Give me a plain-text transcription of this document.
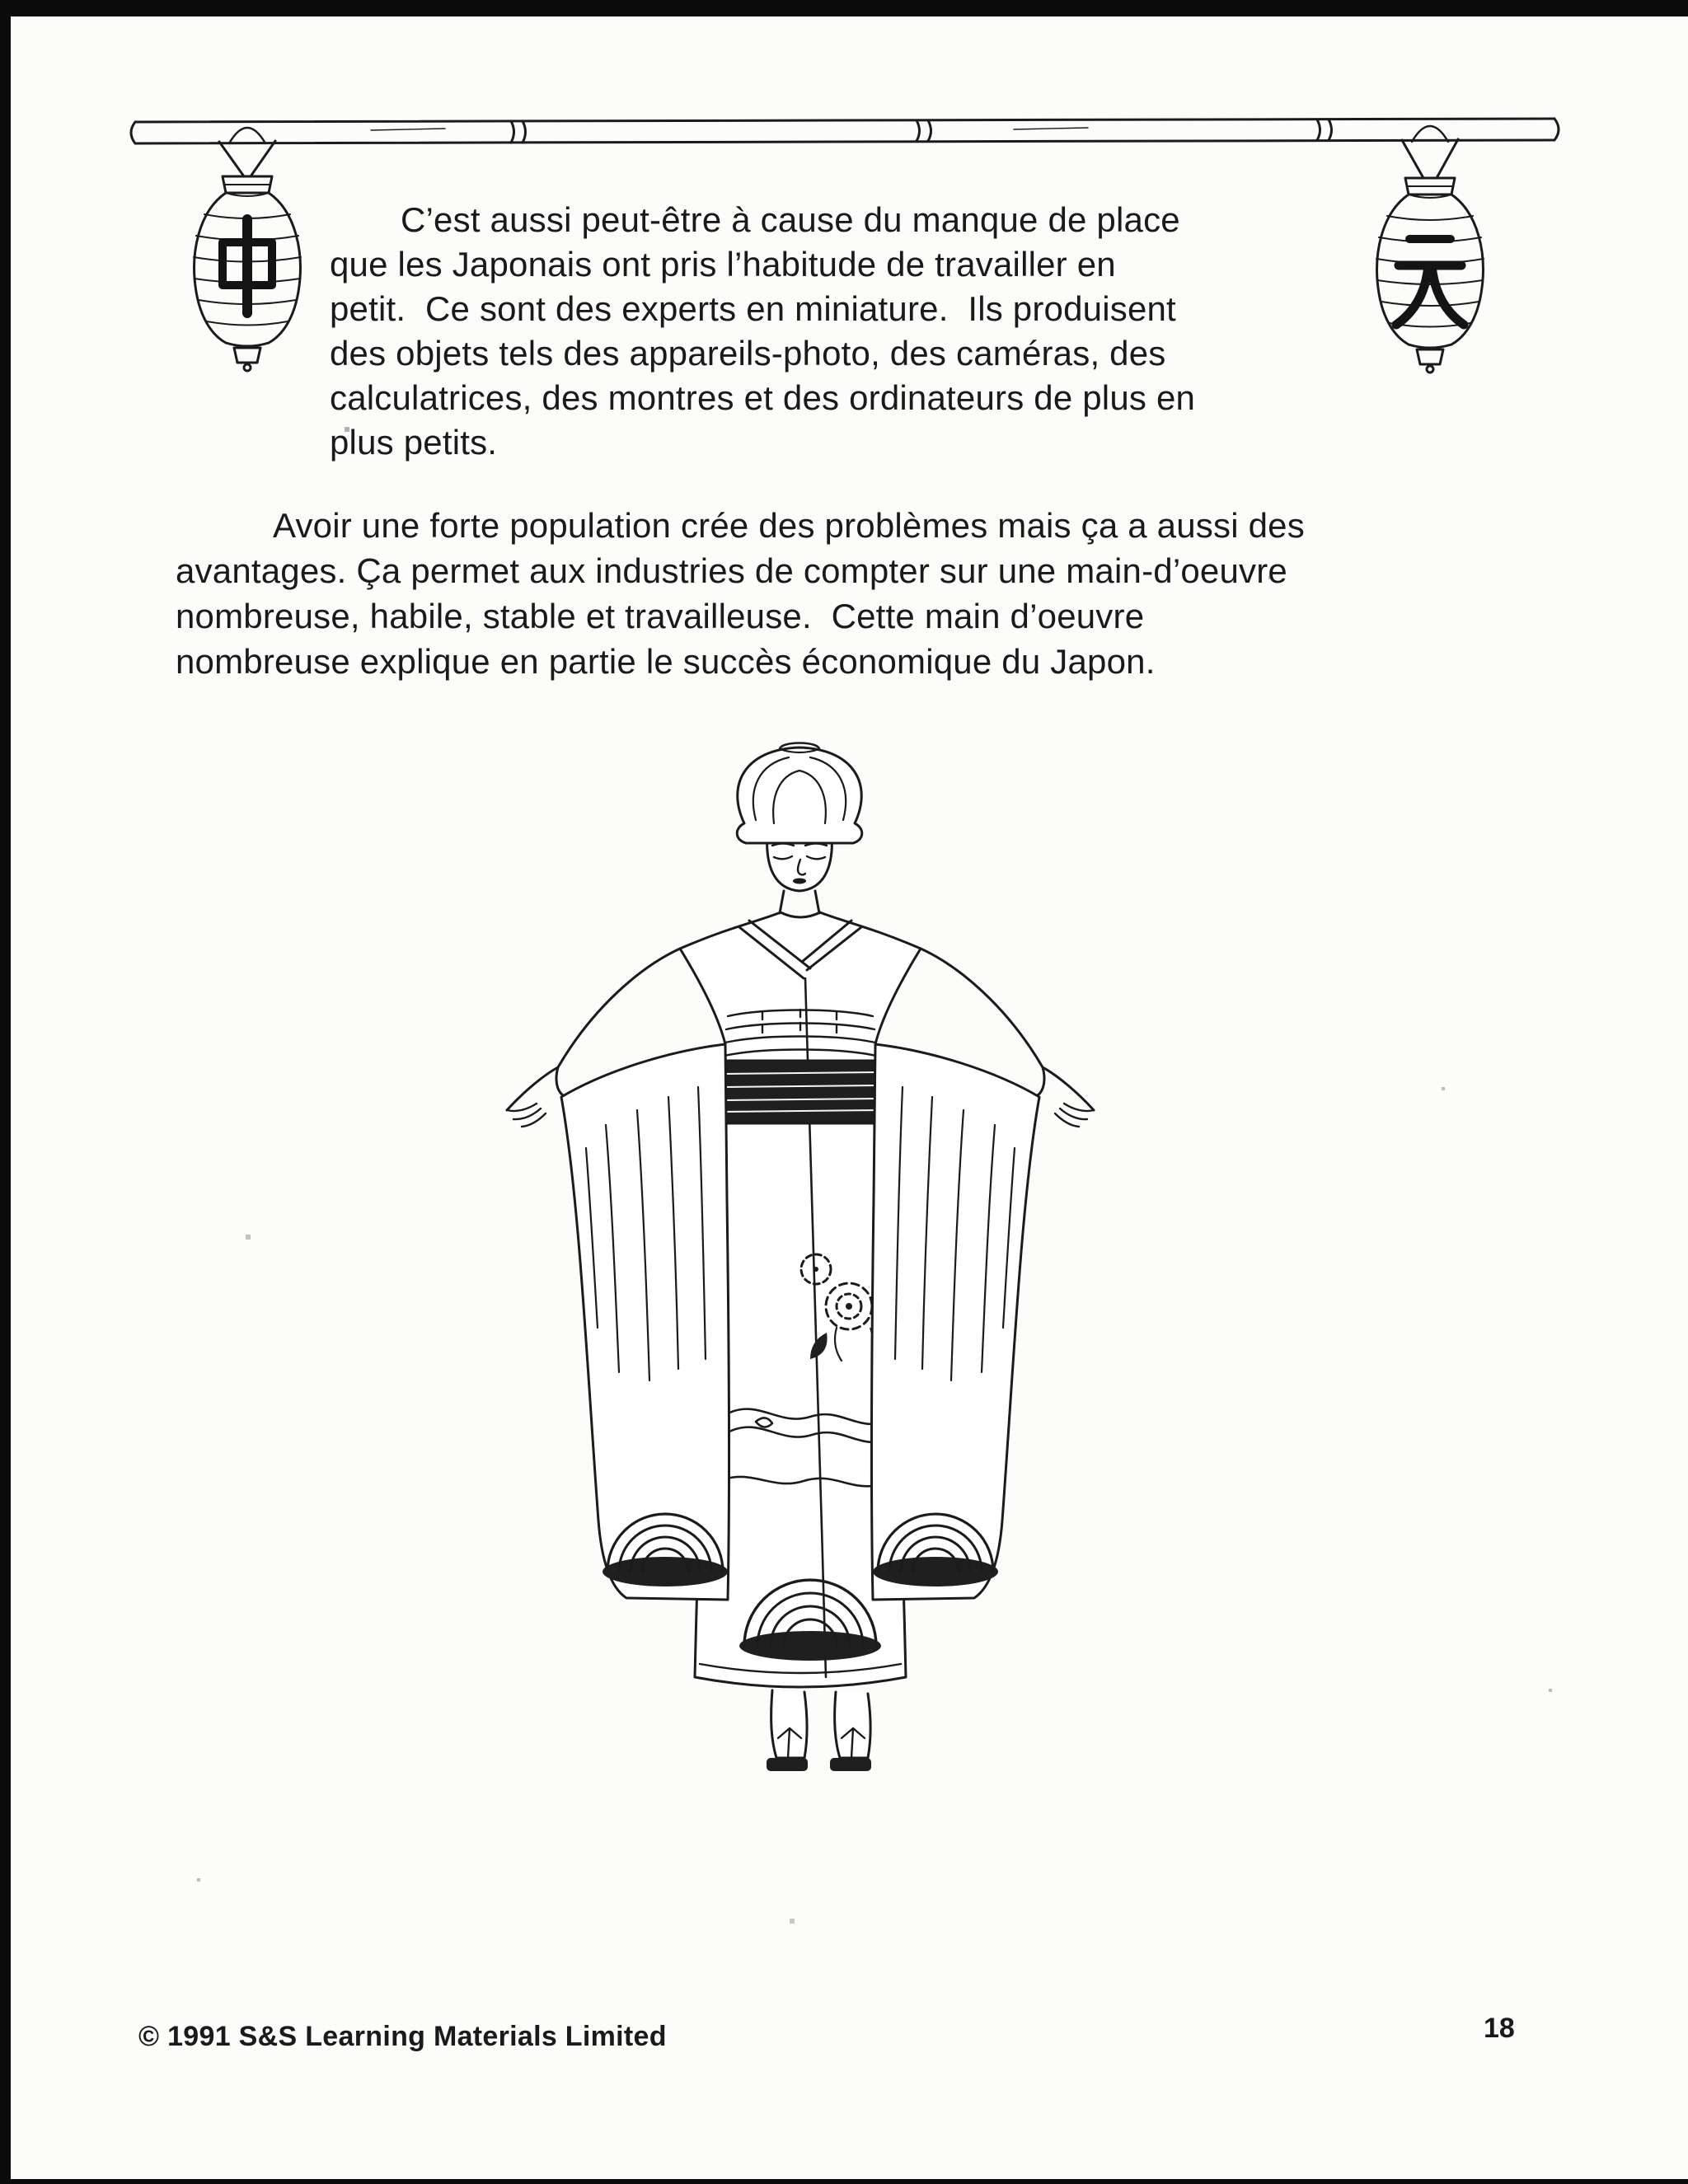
C’est aussi peut-être à cause du manque de place
que les Japonais ont pris l’habitude de travailler en
petit.  Ce sont des experts en miniature.  Ils produisent
des objets tels des appareils-photo, des caméras, des
calculatrices, des montres et des ordinateurs de plus en
plus petits.
Avoir une forte population crée des problèmes mais ça a aussi des
avantages. Ça permet aux industries de compter sur une main-d’oeuvre
nombreuse, habile, stable et travailleuse.  Cette main d’oeuvre
nombreuse explique en partie le succès économique du Japon.
© 1991 S&S Learning Materials Limited	18
